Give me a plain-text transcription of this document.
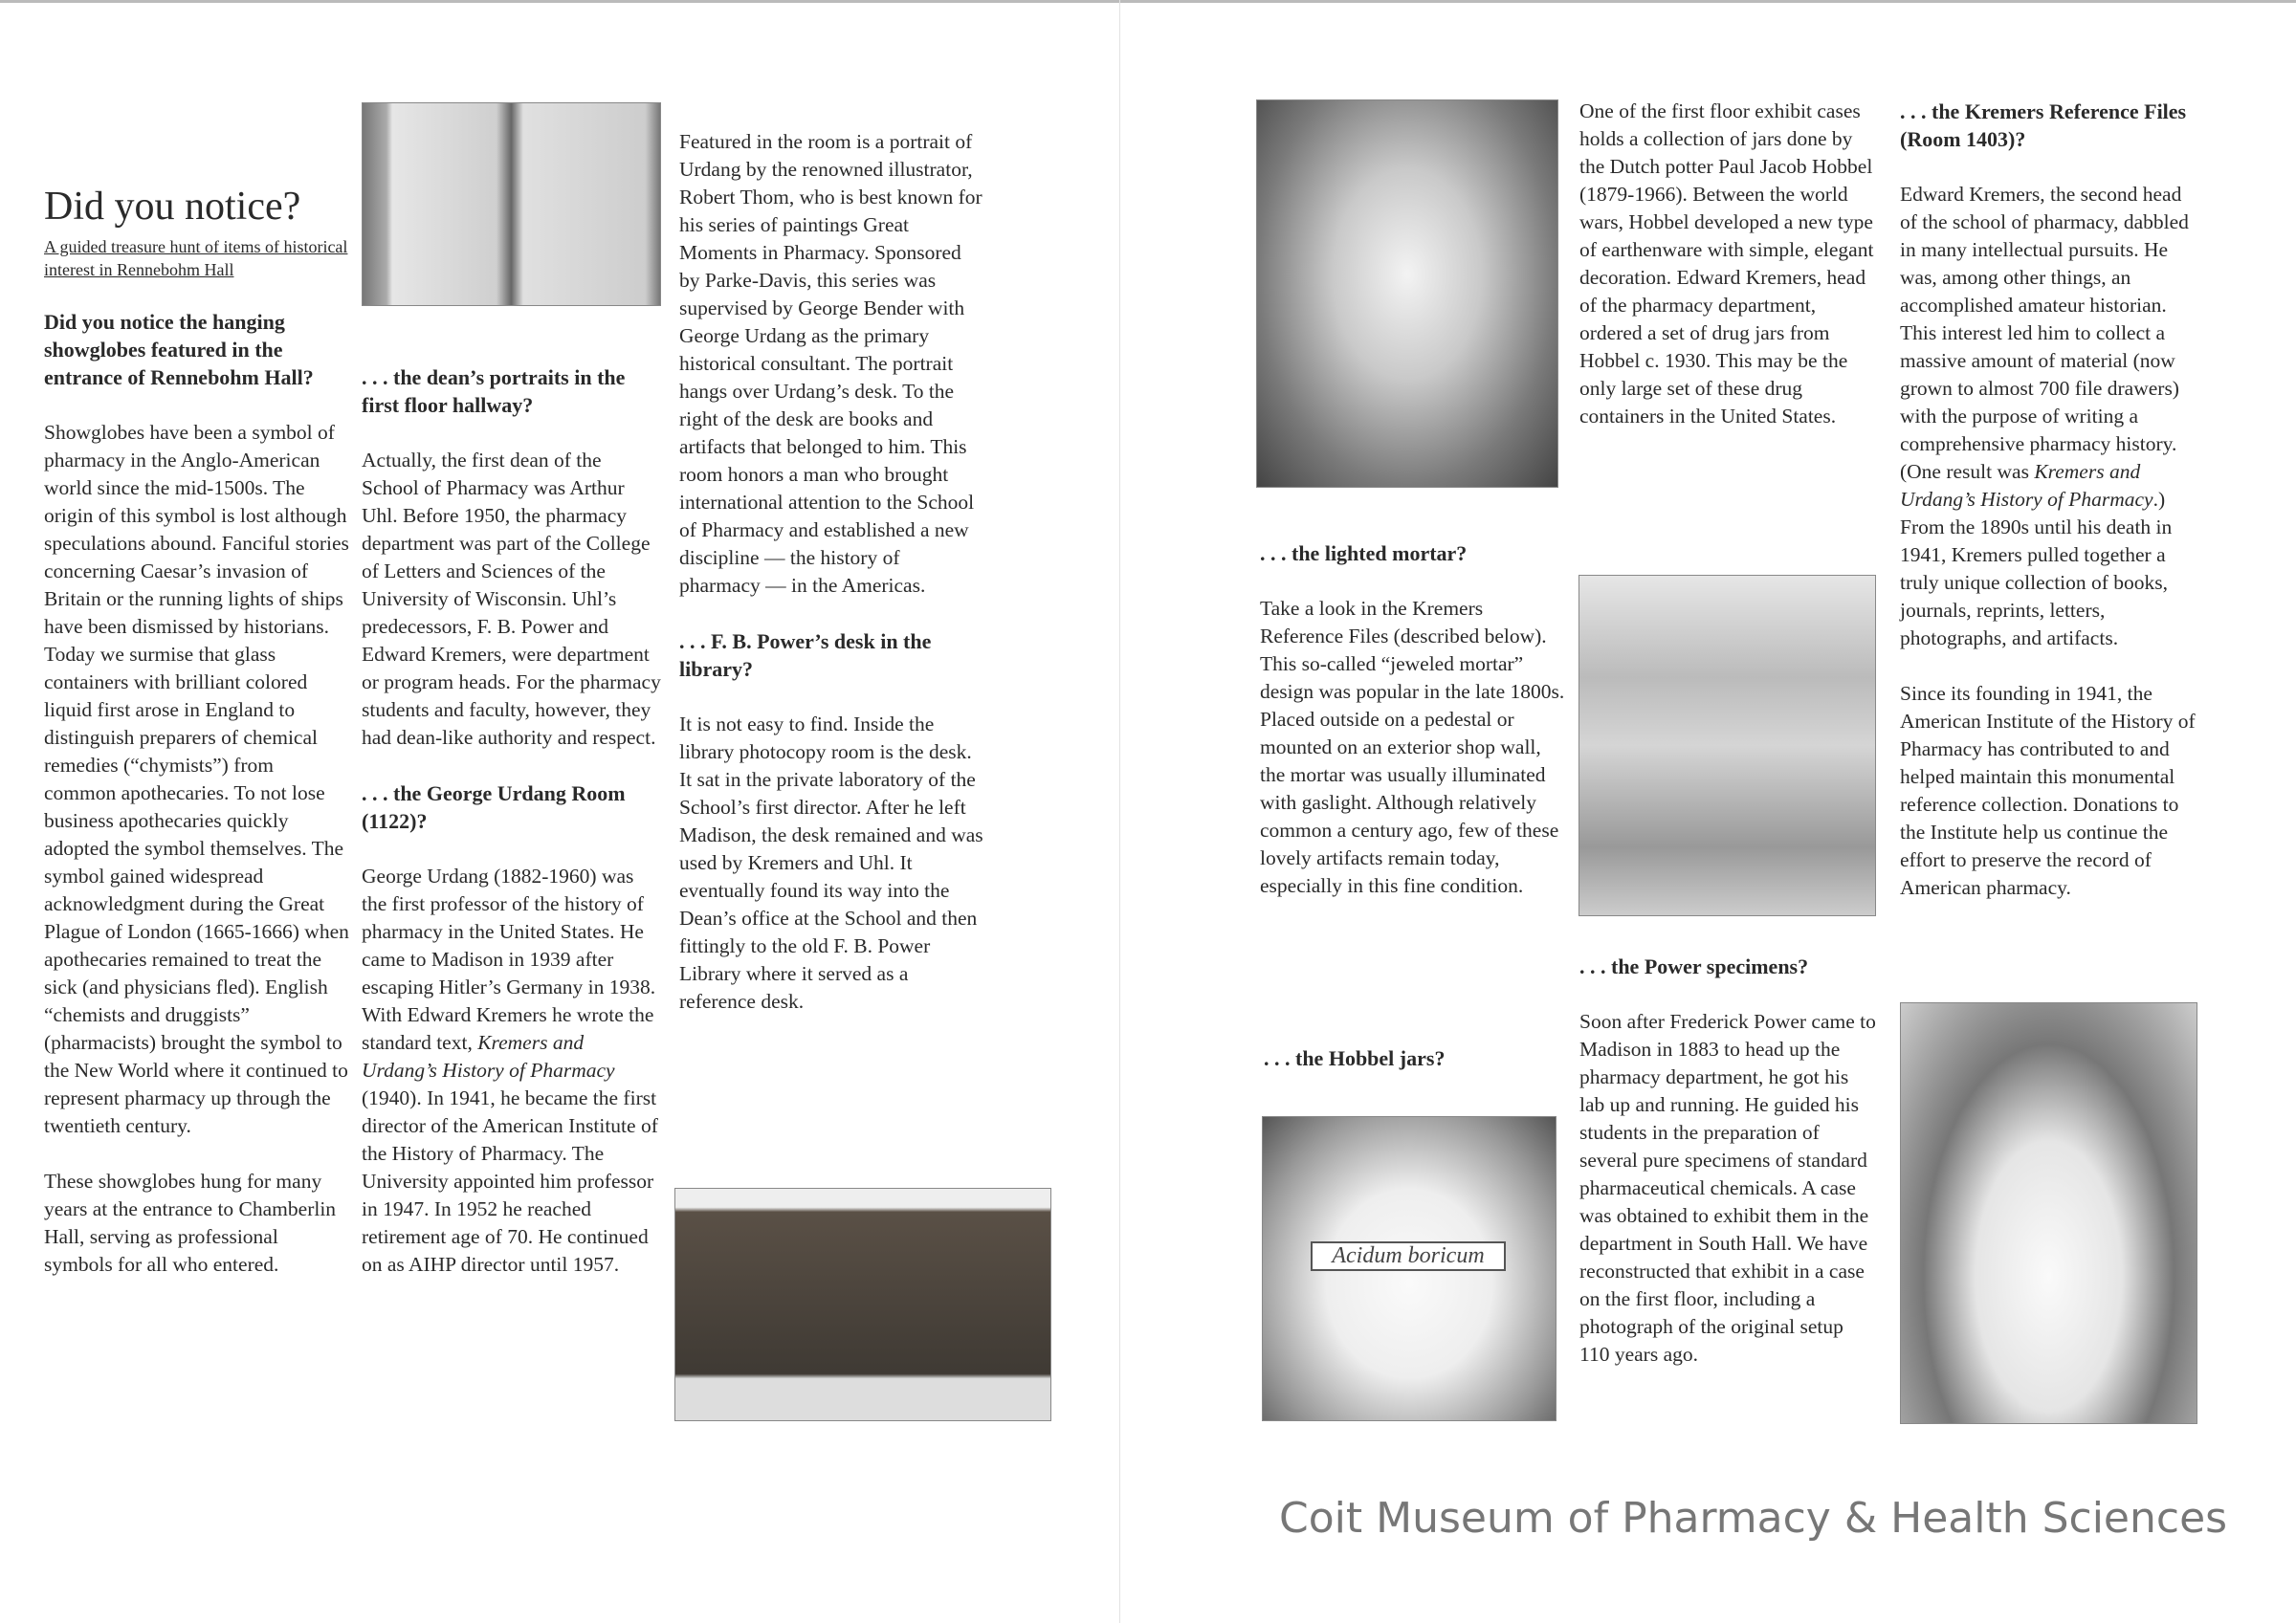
Did you notice?
A guided treasure hunt of items of historical interest in Rennebohm Hall

Did you notice the hanging showglobes featured in the entrance of Rennebohm Hall?

Showglobes have been a symbol of pharmacy in the Anglo-American world since the mid-1500s. The origin of this symbol is lost although speculations abound. Fanciful stories concerning Caesar’s invasion of Britain or the running lights of ships have been dismissed by historians. Today we surmise that glass containers with brilliant colored liquid first arose in England to distinguish preparers of chemical remedies (“chymists”) from common apothecaries. To not lose business apothecaries quickly adopted the symbol themselves. The symbol gained widespread acknowledgment during the Great Plague of London (1665-1666) when apothecaries remained to treat the sick (and physicians fled). English “chemists and druggists” (pharmacists) brought the symbol to the New World where it continued to represent pharmacy up through the twentieth century.

These showglobes hung for many years at the entrance to Chamberlin Hall, serving as professional symbols for all who entered.

. . . the dean’s portraits in the first floor hallway?

Actually, the first dean of the School of Pharmacy was Arthur Uhl. Before 1950, the pharmacy department was part of the College of Letters and Sciences of the University of Wisconsin. Uhl’s predecessors, F. B. Power and Edward Kremers, were department or program heads. For the pharmacy students and faculty, however, they had dean-like authority and respect.

. . . the George Urdang Room (1122)?

George Urdang (1882-1960) was the first professor of the history of pharmacy in the United States. He came to Madison in 1939 after escaping Hitler’s Germany in 1938. With Edward Kremers he wrote the standard text, Kremers and Urdang’s History of Pharmacy (1940). In 1941, he became the first director of the American Institute of the History of Pharmacy. The University appointed him professor in 1947. In 1952 he reached retirement age of 70. He continued on as AIHP director until 1957.

Featured in the room is a portrait of Urdang by the renowned illustrator, Robert Thom, who is best known for his series of paintings Great Moments in Pharmacy. Sponsored by Parke-Davis, this series was supervised by George Bender with George Urdang as the primary historical consultant. The portrait hangs over Urdang’s desk. To the right of the desk are books and artifacts that belonged to him. This room honors a man who brought international attention to the School of Pharmacy and established a new discipline — the history of pharmacy — in the Americas.

. . . F. B. Power’s desk in the library?

It is not easy to find. Inside the library photocopy room is the desk. It sat in the private laboratory of the School’s first director. After he left Madison, the desk remained and was used by Kremers and Uhl. It eventually found its way into the Dean’s office at the School and then fittingly to the old F. B. Power Library where it served as a reference desk.

. . . the lighted mortar?

Take a look in the Kremers Reference Files (described below). This so-called “jeweled mortar” design was popular in the late 1800s. Placed outside on a pedestal or mounted on an exterior shop wall, the mortar was usually illuminated with gaslight. Although relatively common a century ago, few of these lovely artifacts remain today, especially in this fine condition.

. . . the Hobbel jars?

Acidum boricum

One of the first floor exhibit cases holds a collection of jars done by the Dutch potter Paul Jacob Hobbel (1879-1966). Between the world wars, Hobbel developed a new type of earthenware with simple, elegant decoration. Edward Kremers, head of the pharmacy department, ordered a set of drug jars from Hobbel c. 1930. This may be the only large set of these drug containers in the United States.

. . . the Power specimens?

Soon after Frederick Power came to Madison in 1883 to head up the pharmacy department, he got his lab up and running. He guided his students in the preparation of several pure specimens of standard pharmaceutical chemicals. A case was obtained to exhibit them in the department in South Hall. We have reconstructed that exhibit in a case on the first floor, including a photograph of the original setup 110 years ago.

. . . the Kremers Reference Files (Room 1403)?

Edward Kremers, the second head of the school of pharmacy, dabbled in many intellectual pursuits. He was, among other things, an accomplished amateur historian. This interest led him to collect a massive amount of material (now grown to almost 700 file drawers) with the purpose of writing a comprehensive pharmacy history. (One result was Kremers and Urdang’s History of Pharmacy.) From the 1890s until his death in 1941, Kremers pulled together a truly unique collection of books, journals, reprints, letters, photographs, and artifacts.

Since its founding in 1941, the American Institute of the History of Pharmacy has contributed to and helped maintain this monumental reference collection. Donations to the Institute help us continue the effort to preserve the record of American pharmacy.

Coit Museum of Pharmacy & Health Sciences
